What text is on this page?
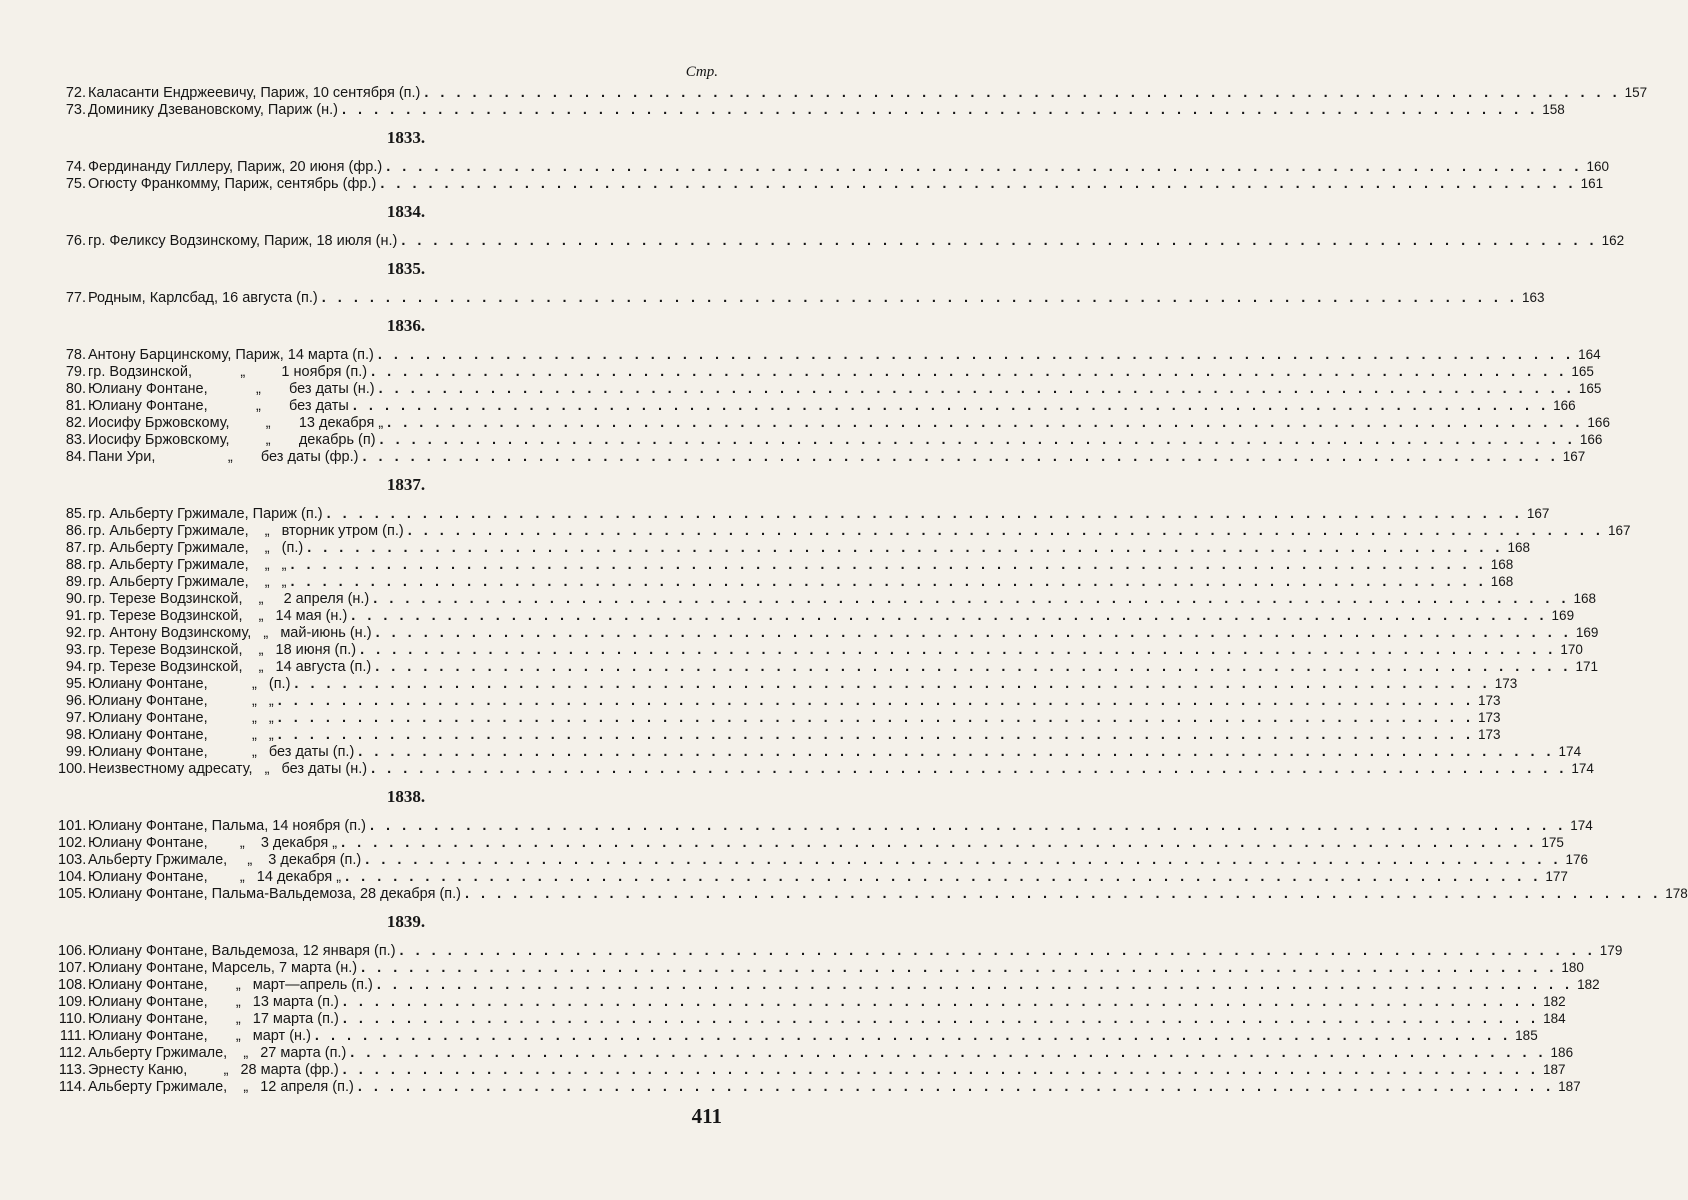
Стр.
72. Каласанти Ендржеевичу, Париж, 10 сентября (п.) . . .	157
73. Доминику Дзевановскому, Париж (н.) . . .	158
1833.
74. Фердинанду Гиллеру, Париж, 20 июня (фр.) . . .	160
75. Огюсту Франкомму, Париж, сентябрь (фр.) . . .	161
1834.
76. гр. Феликсу Водзинскому, Париж, 18 июля (н.) . . .	162
1835.
77. Родным, Карлсбад, 16 августа (п.) . . .	163
1836.
78. Антону Барцинскому, Париж, 14 марта (п.) . . .	164
79. гр. Водзинской,            „         1 ноября (п.) . . .	165
80. Юлиану Фонтане,            „       без даты (н.) . . .	165
81. Юлиану Фонтане,            „       без даты . . .	166
82. Иосифу Бржовскому,         „       13 декабря „ . . .	166
83. Иосифу Бржовскому,         „       декабрь (п) . . .	166
84. Пани Ури,                  „       без даты (фр.) . . .	167
1837.
85. гр. Альберту Гржимале, Париж (п.) . . .	167
86. гр. Альберту Гржимале,    „   вторник утром (п.) . . .	167
87. гр. Альберту Гржимале,    „   (п.) . . .	168
88. гр. Альберту Гржимале,    „   „ . . .	168
89. гр. Альберту Гржимале,    „   „ . . .	168
90. гр. Терезе Водзинской,    „     2 апреля (н.) . . .	168
91. гр. Терезе Водзинской,    „   14 мая (н.) . . .	169
92. гр. Антону Водзинскому,   „   май-июнь (н.) . . .	169
93. гр. Терезе Водзинской,    „   18 июня (п.) . . .	170
94. гр. Терезе Водзинской,    „   14 августа (п.) . . .	171
95. Юлиану Фонтане,           „   (п.) . . .	173
96. Юлиану Фонтане,           „   „ . . .	173
97. Юлиану Фонтане,           „   „ . . .	173
98. Юлиану Фонтане,           „   „ . . .	173
99. Юлиану Фонтане,           „   без даты (п.) . . .	174
100. Неизвестному адресату,   „   без даты (н.) . . .	174
1838.
101. Юлиану Фонтане, Пальма, 14 ноября (п.) . . .	174
102. Юлиану Фонтане,        „    3 декабря „ . . .	175
103. Альберту Гржимале,     „    3 декабря (п.) . . .	176
104. Юлиану Фонтане,        „   14 декабря „ . . .	177
105. Юлиану Фонтане, Пальма-Вальдемоза, 28 декабря (п.) . . .	178
1839.
106. Юлиану Фонтане, Вальдемоза, 12 января (п.) . . .	179
107. Юлиану Фонтане, Марсель, 7 марта (н.) . . .	180
108. Юлиану Фонтане,       „   март—апрель (п.) . . .	182
109. Юлиану Фонтане,       „   13 марта (п.) . . .	182
110. Юлиану Фонтане,       „   17 марта (п.) . . .	184
111. Юлиану Фонтане,       „   март (н.) . . .	185
112. Альберту Гржимале,    „   27 марта (п.) . . .	186
113. Эрнесту Каню,         „   28 марта (фр.) . . .	187
114. Альберту Гржимале,    „   12 апреля (п.) . . .	187
411
